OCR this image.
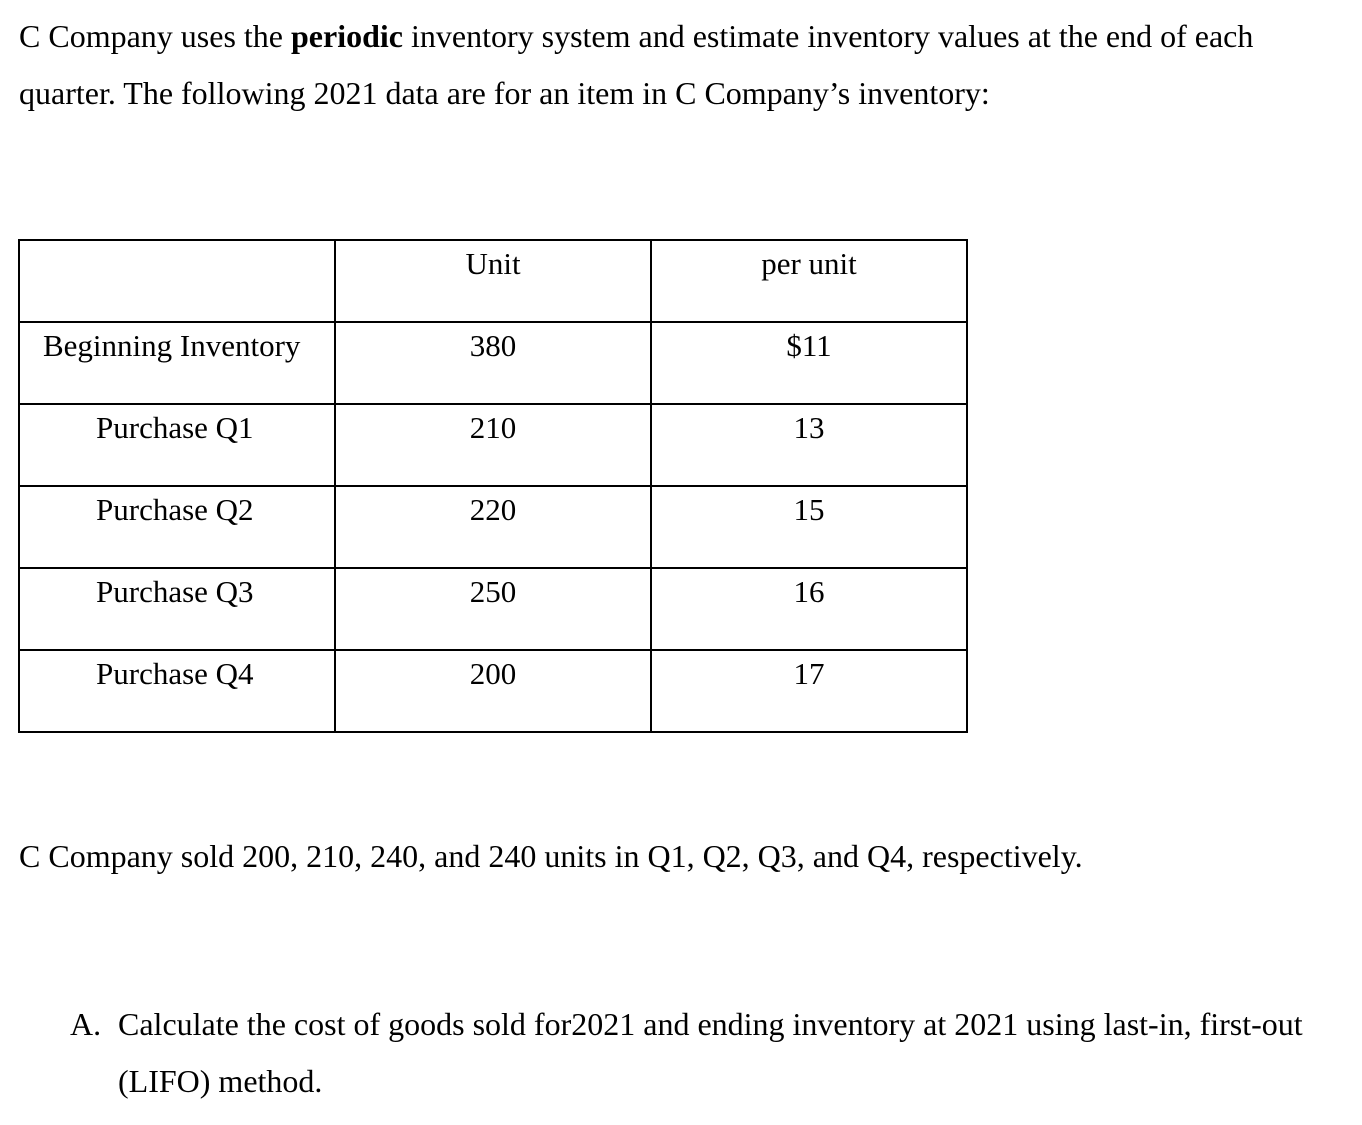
C Company uses the periodic inventory system and estimate inventory values at the end of each quarter. The following 2021 data are for an item in C Company’s inventory:

	Unit	per unit

Beginning Inventory	380	$11

Purchase Q1	210	13

Purchase Q2	220	15

Purchase Q3	250	16

Purchase Q4	200	17

C Company sold 200, 210, 240, and 240 units in Q1, Q2, Q3, and Q4, respectively.

A. Calculate the cost of goods sold for2021 and ending inventory at 2021 using last-in, first-out (LIFO) method.
